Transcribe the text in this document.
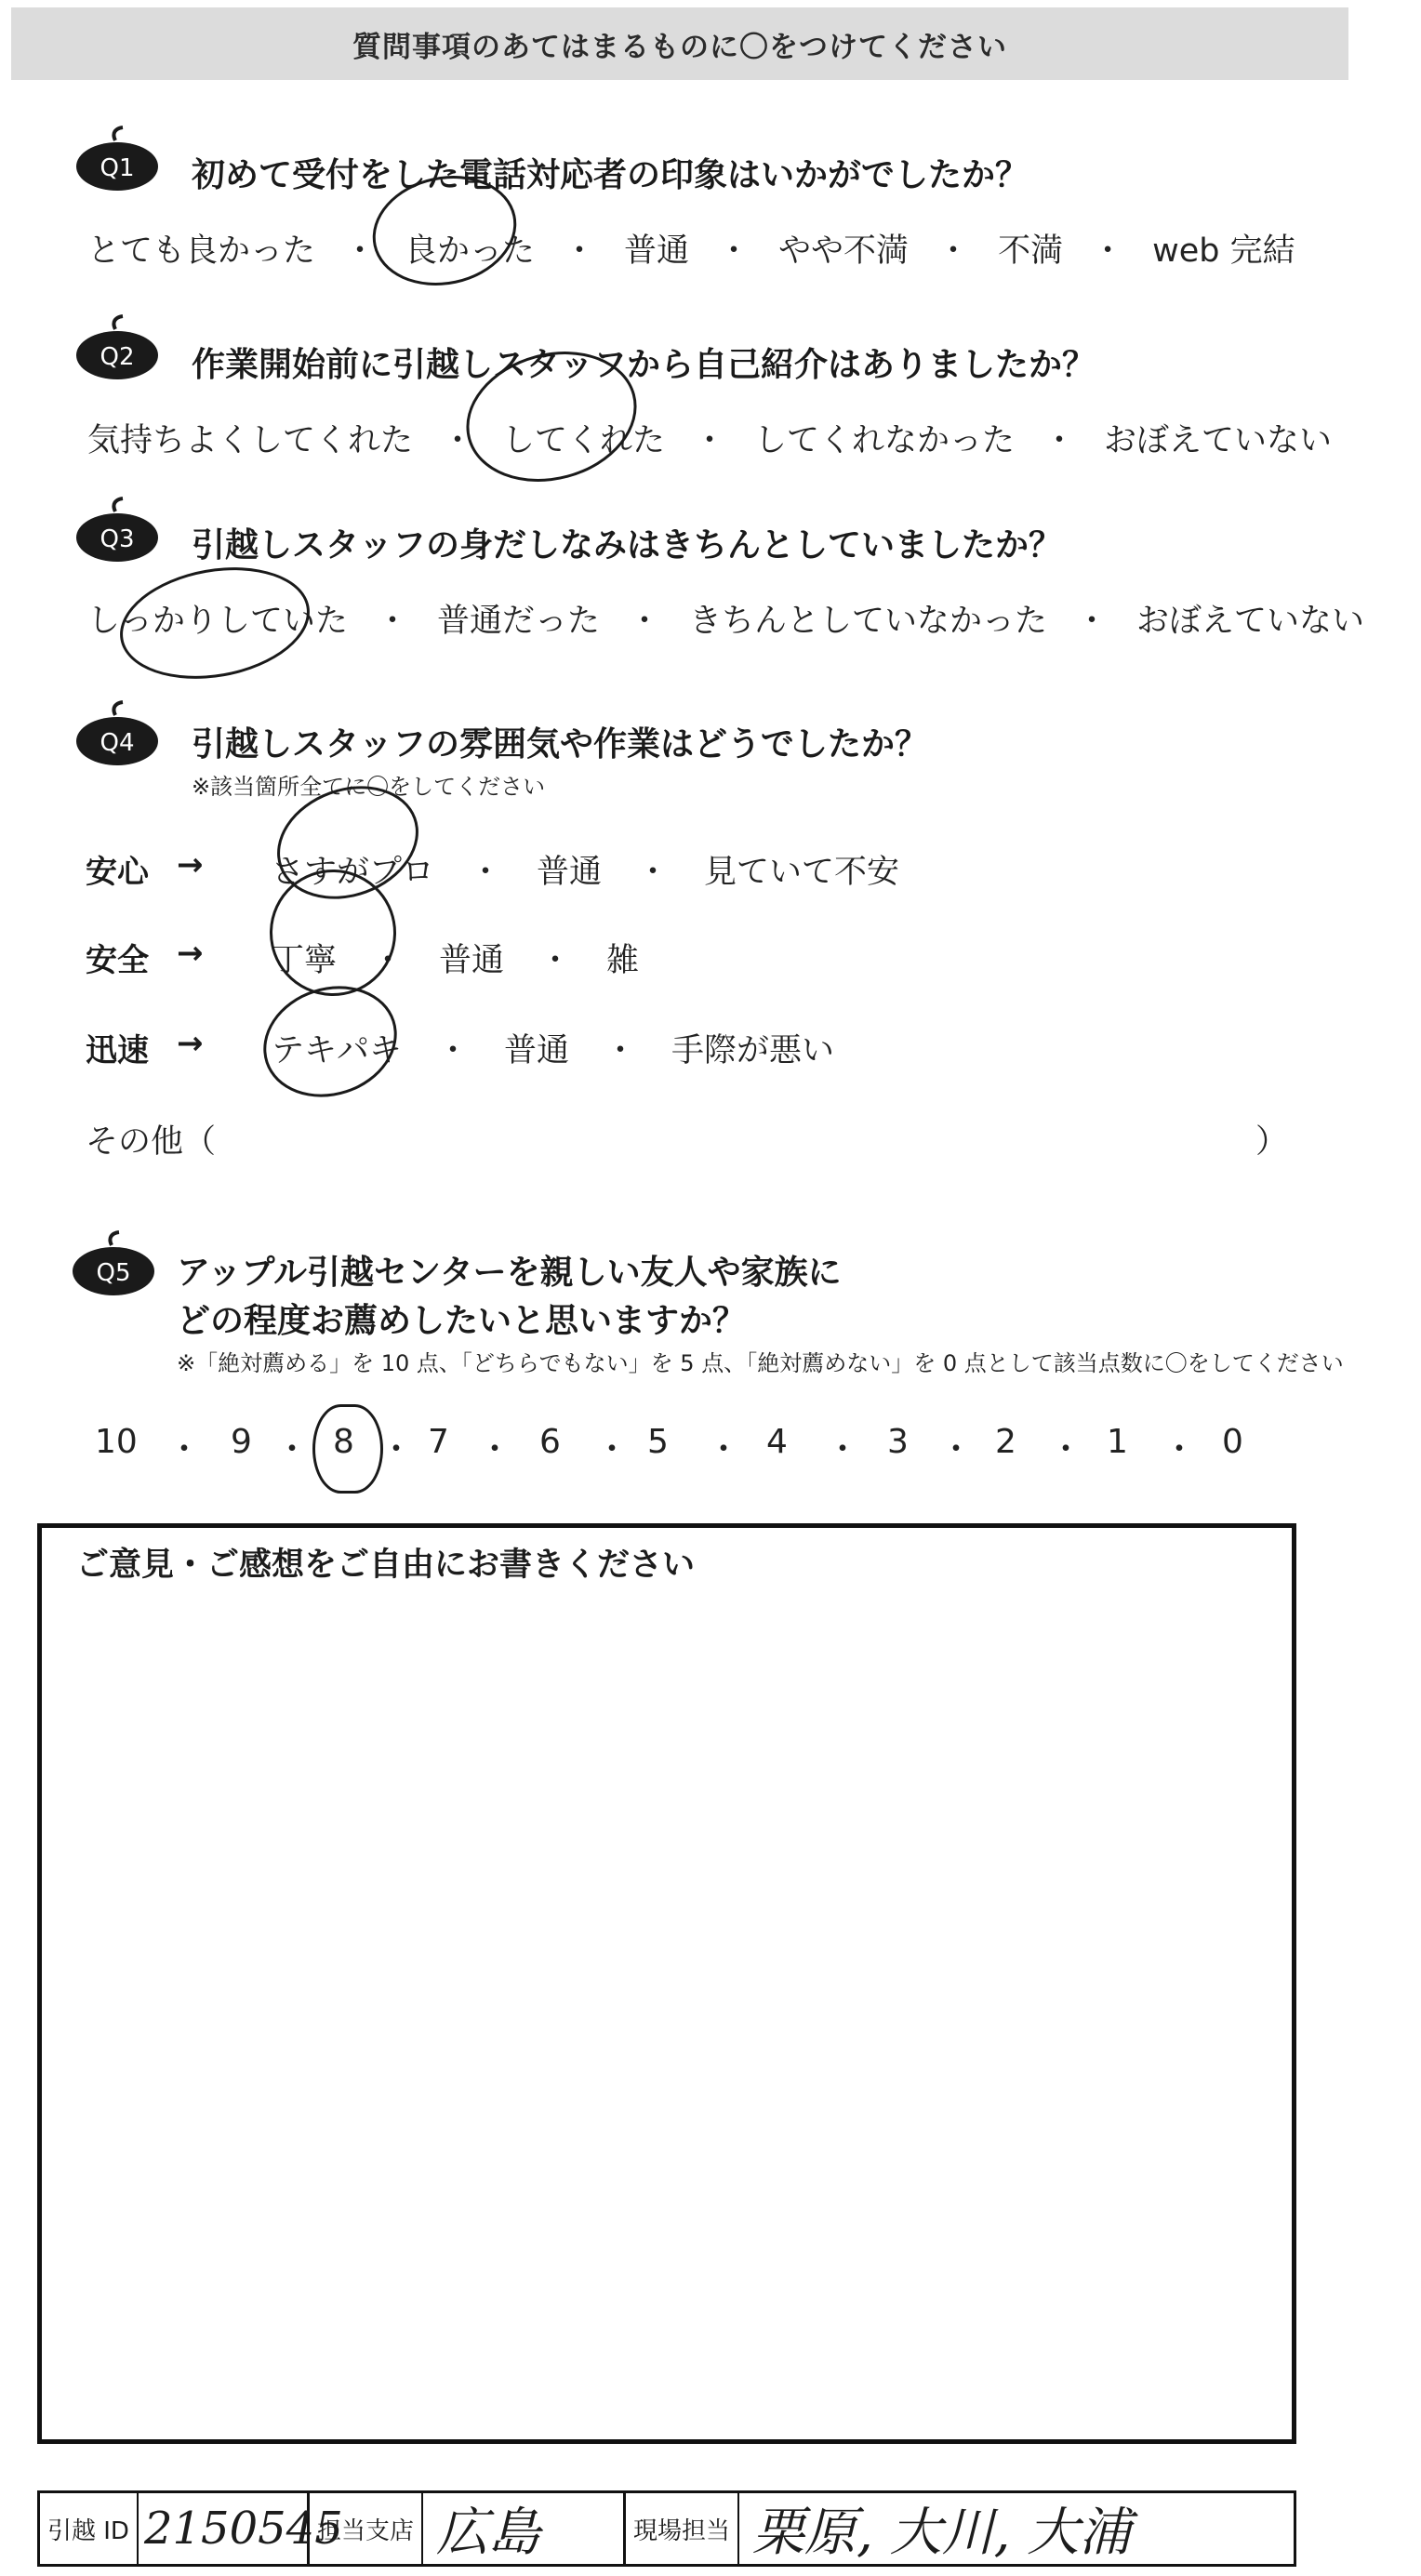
質問事項のあてはまるものに〇をつけてください
Q1 初めて受付をした電話対応者の印象はいかがでしたか？
とても良かった ・ 良かった ・ 普通 ・ やや不満 ・ 不満 ・ web 完結
Q2 作業開始前に引越しスタッフから自己紹介はありましたか？
気持ちよくしてくれた ・ してくれた ・ してくれなかった ・ おぼえていない
Q3 引越しスタッフの身だしなみはきちんとしていましたか？
しっかりしていた ・ 普通だった ・ きちんとしていなかった ・ おぼえていない
Q4 引越しスタッフの雰囲気や作業はどうでしたか？
※該当箇所全てに〇をしてください
安心 → さすがプロ	・	普通	・	見ていて不安
安全 → 丁寧	・	普通	・	雑
迅速 → テキパキ	・	普通	・	手際が悪い
その他（	）
Q5 アップル引越センターを親しい友人や家族に
どの程度お薦めしたいと思いますか？
※「絶対薦める」を 10 点、「どちらでもない」を 5 点、「絶対薦めない」を 0 点として該当点数に〇をしてください
10 ・ 9 ・ 8 ・ 7 ・ 6 ・ 5 ・ 4 ・ 3 ・ 2 ・ 1 ・ 0
ご意見・ご感想をご自由にお書きください
引越 ID 2150545
担当支店 広島	現場担当 栗原, 大川, 大浦
